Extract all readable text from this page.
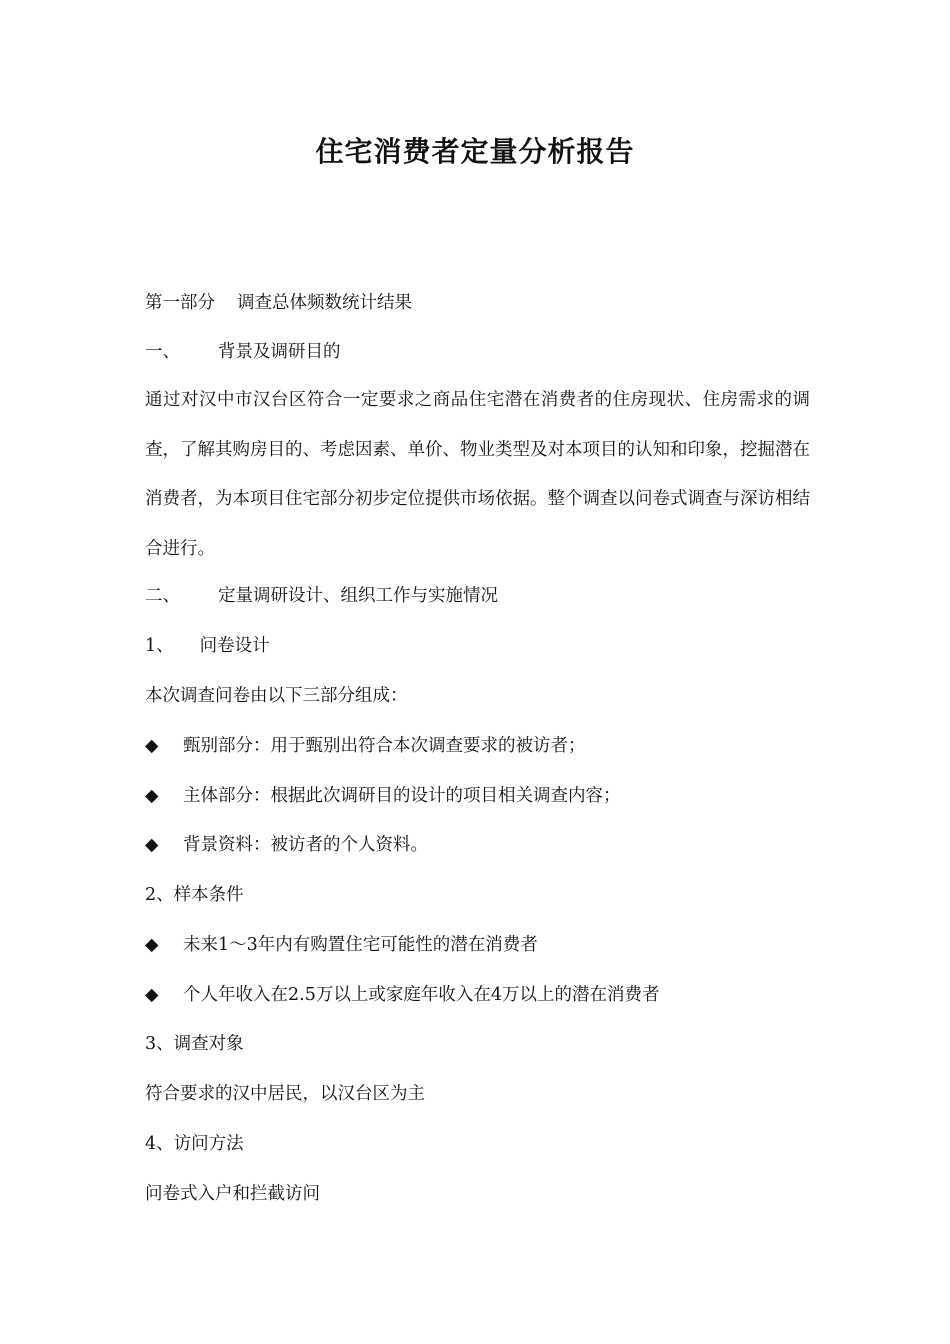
住宅消费者定量分析报告
第一部分 调查总体频数统计结果
一、 背景及调研目的
通过对汉中市汉台区符合一定要求之商品住宅潜在消费者的住房现状、住房需求的调查，了解其购房目的、考虑因素、单价、物业类型及对本项目的认知和印象，挖掘潜在消费者，为本项目住宅部分初步定位提供市场依据。整个调查以问卷式调查与深访相结合进行。
二、 定量调研设计、组织工作与实施情况
1、 问卷设计
本次调查问卷由以下三部分组成：
◆ 甄别部分：用于甄别出符合本次调查要求的被访者；
◆ 主体部分：根据此次调研目的设计的项目相关调查内容；
◆ 背景资料：被访者的个人资料。
2、样本条件
◆ 未来1～3年内有购置住宅可能性的潜在消费者
◆ 个人年收入在2.5万以上或家庭年收入在4万以上的潜在消费者
3、调查对象
符合要求的汉中居民，以汉台区为主
4、访问方法
问卷式入户和拦截访问
